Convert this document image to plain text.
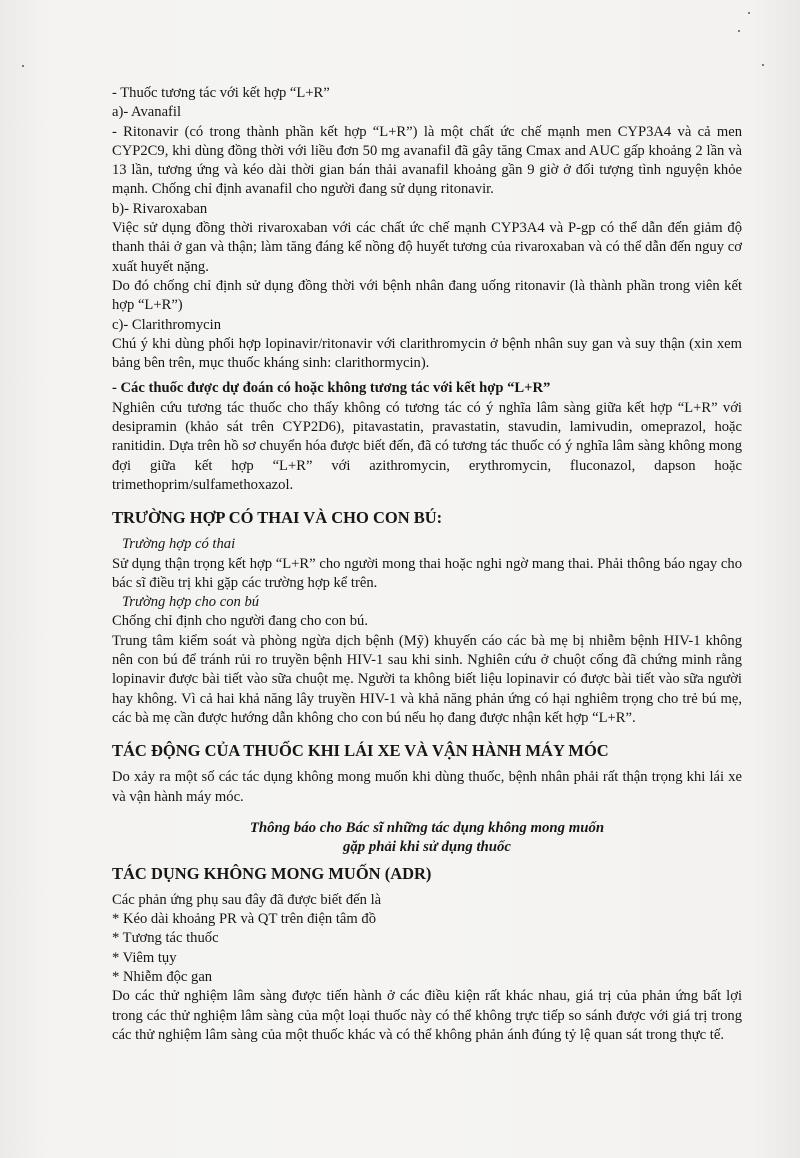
- Thuốc tương tác với kết hợp “L+R”

a)- Avanafil

- Ritonavir (có trong thành phần kết hợp “L+R”) là một chất ức chế mạnh men CYP3A4 và cả men CYP2C9, khi dùng đồng thời với liều đơn 50 mg avanafil đã gây tăng Cmax and AUC gấp khoảng 2 lần và 13 lần, tương ứng và kéo dài thời gian bán thải avanafil khoảng gần 9 giờ ở đối tượng tình nguyện khỏe mạnh. Chống chỉ định avanafil cho người đang sử dụng ritonavir.

b)- Rivaroxaban

Việc sử dụng đồng thời rivaroxaban với các chất ức chế mạnh CYP3A4 và P-gp có thể dẫn đến giảm độ thanh thải ở gan và thận; làm tăng đáng kể nồng độ huyết tương của rivaroxaban và có thể dẫn đến nguy cơ xuất huyết nặng.

Do đó chống chỉ định sử dụng đồng thời với bệnh nhân đang uống ritonavir (là thành phần trong viên kết hợp “L+R”)

c)- Clarithromycin

Chú ý khi dùng phối hợp lopinavir/ritonavir với clarithromycin ở bệnh nhân suy gan và suy thận (xin xem bảng bên trên, mục thuốc kháng sinh: clarithormycin).

- Các thuốc được dự đoán có hoặc không tương tác với kết hợp “L+R”

Nghiên cứu tương tác thuốc cho thấy không có tương tác có ý nghĩa lâm sàng giữa kết hợp “L+R” với desipramin (khảo sát trên CYP2D6), pitavastatin, pravastatin, stavudin, lamivudin, omeprazol, hoặc ranitidin. Dựa trên hồ sơ chuyển hóa được biết đến, đã có tương tác thuốc có ý nghĩa lâm sàng không mong đợi giữa kết hợp “L+R” với azithromycin, erythromycin, fluconazol, dapson hoặc trimethoprim/sulfamethoxazol.

TRƯỜNG HỢP CÓ THAI VÀ CHO CON BÚ:

Trường hợp có thai

Sử dụng thận trọng kết hợp “L+R” cho người mong thai hoặc nghi ngờ mang thai. Phải thông báo ngay cho bác sĩ điều trị khi gặp các trường hợp kể trên.

Trường hợp cho con bú

Chống chỉ định cho người đang cho con bú.

Trung tâm kiểm soát và phòng ngừa dịch bệnh (Mỹ) khuyến cáo các bà mẹ bị nhiễm bệnh HIV-1 không nên con bú để tránh rủi ro truyền bệnh HIV-1 sau khi sinh. Nghiên cứu ở chuột cống đã chứng minh rằng lopinavir được bài tiết vào sữa chuột mẹ. Người ta không biết liệu lopinavir có được bài tiết vào sữa người hay không. Vì cả hai khả năng lây truyền HIV-1 và khả năng phản ứng có hại nghiêm trọng cho trẻ bú mẹ, các bà mẹ cần được hướng dẫn không cho con bú nếu họ đang được nhận kết hợp “L+R”.

TÁC ĐỘNG CỦA THUỐC KHI LÁI XE VÀ VẬN HÀNH MÁY MÓC

Do xảy ra một số các tác dụng không mong muốn khi dùng thuốc, bệnh nhân phải rất thận trọng khi lái xe và vận hành máy móc.

Thông báo cho Bác sĩ những tác dụng không mong muốn

gặp phải khi sử dụng thuốc

TÁC DỤNG KHÔNG MONG MUỐN (ADR)

Các phản ứng phụ sau đây đã được biết đến là

* Kéo dài khoảng PR và QT trên điện tâm đồ

* Tương tác thuốc

* Viêm tụy

* Nhiễm độc gan

Do các thử nghiệm lâm sàng được tiến hành ở các điều kiện rất khác nhau, giá trị của phản ứng bất lợi trong các thử nghiệm lâm sàng của một loại thuốc này có thể không trực tiếp so sánh được với giá trị trong các thử nghiệm lâm sàng của một thuốc khác và có thể không phản ánh đúng tỷ lệ quan sát trong thực tế.
